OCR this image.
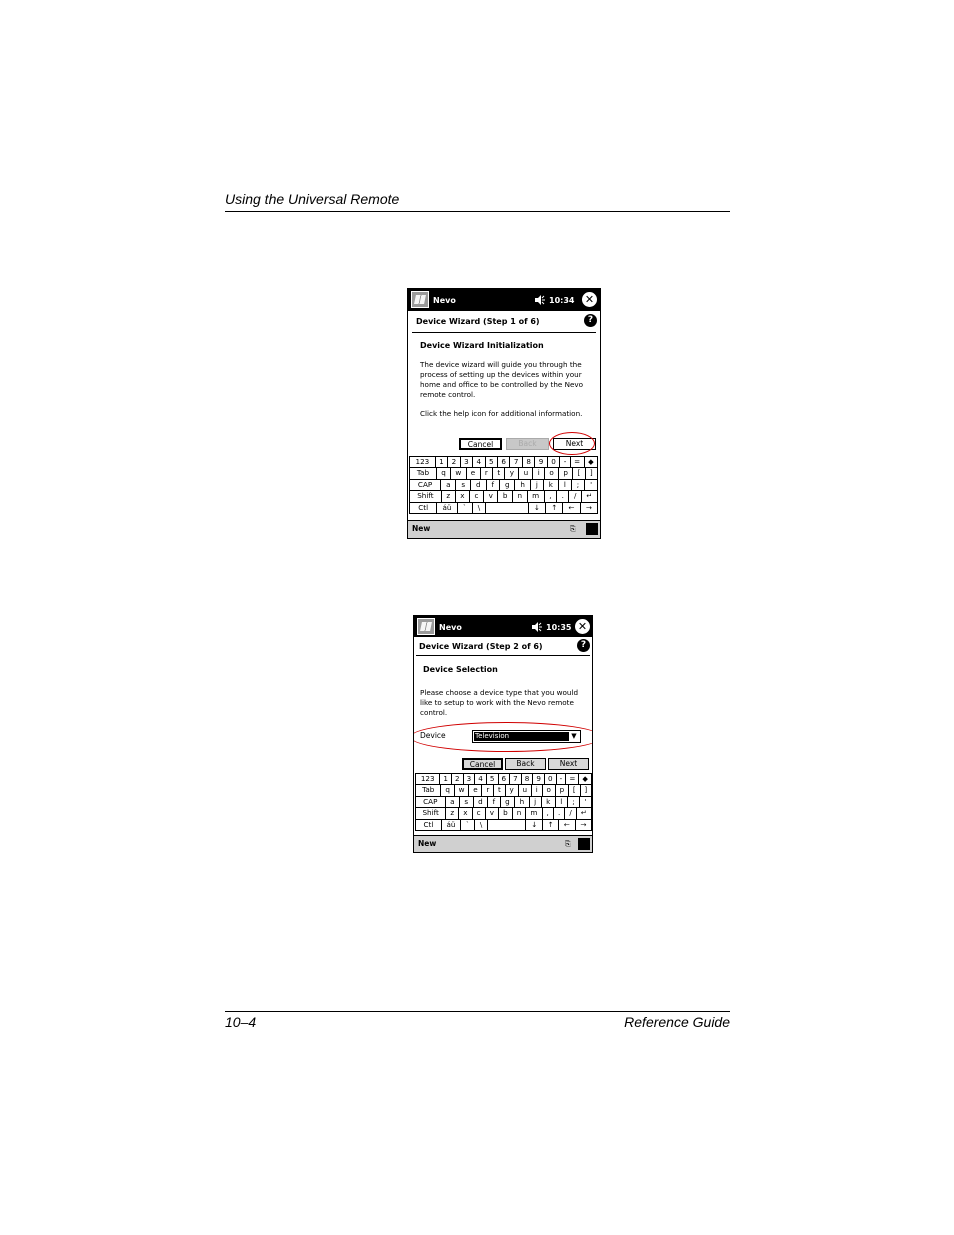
Using the Universal Remote
Nevo	10:34 ✕
Device Wizard (Step 1 of 6)	?
Device Wizard Initialization
The device wizard will guide you through the
process of setting up the devices within your
home and office to be controlled by the Nevo
remote control.
Click the help icon for additional information.
Cancel	Back	Next
123	1	2	3	4	5	6	7	8	9	0	-	=	◆
Tab	q	w	e	r	t	y	u	i	o	p	[	]
CAP	a	s	d	f	g	h	j	k	l	;	'
Shift	z	x	c	v	b	n	m	,	.	/	↵
Ctl	áü	`	\	↓	↑	←	→
New	⎘
Nevo	10:35 ✕
Device Wizard (Step 2 of 6)	?
Device Selection
Please choose a device type that you would
like to setup to work with the Nevo remote
control.
Device	Television	▼
Cancel	Back	Next
123	1 2 3 4 5 6 7 8 9 0 - = ◆
Tab	q	w	e	r	t	y	u	i	o	p	[	]
CAP	a	s	d	f	g	h	j	k	l	;	'
Shift	z	x	c	v	b	n	m	,	.	/	↵
Ctl	áü	`	\	↓	↑	←	→
New	⎘
10–4	Reference Guide
